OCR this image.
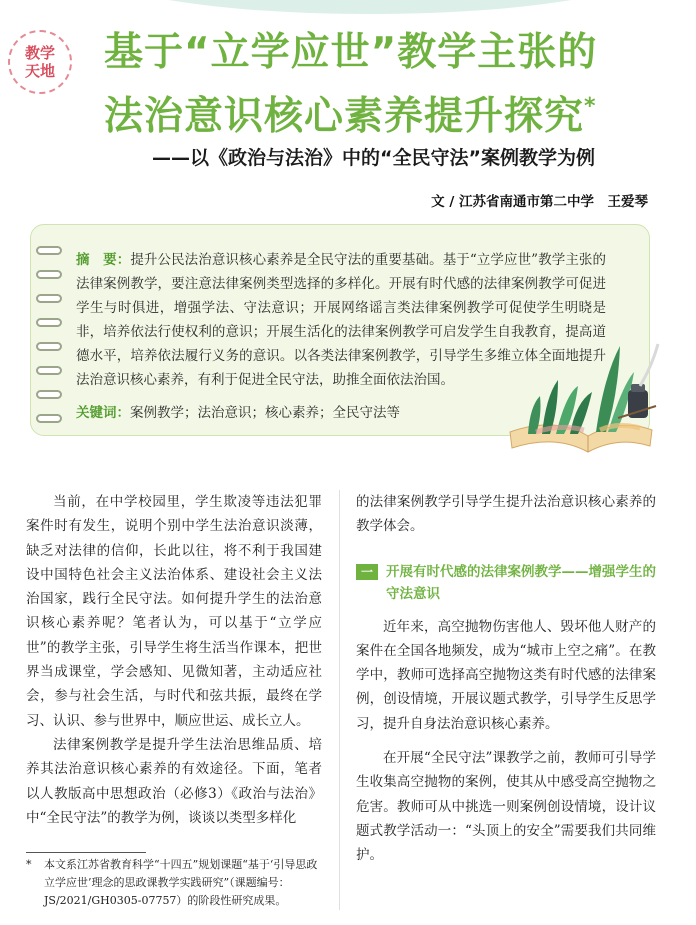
教学
天地 基于“立学应世”教学主张的
法治意识核心素养提升探究*
——以《政治与法治》中的“全民守法”案例教学为例
文 / 江苏省南通市第二中学　王爱琴
摘　要：提升公民法治意识核心素养是全民守法的重要基础。基于“立学应世”教学主张的法律案例教学，要注意法律案例类型选择的多样化。开展有时代感的法律案例教学可促进学生与时俱进，增强学法、守法意识；开展网络谣言类法律案例教学可促使学生明晓是非，培养依法行使权利的意识；开展生活化的法律案例教学可启发学生自我教育，提高道德水平，培养依法履行义务的意识。以各类法律案例教学，引导学生多维立体全面地提升法治意识核心素养，有利于促进全民守法，助推全面依法治国。
关键词：案例教学；法治意识；核心素养；全民守法等

当前，在中学校园里，学生欺凌等违法犯罪案件时有发生，说明个别中学生法治意识淡薄，缺乏对法律的信仰，长此以往，将不利于我国建设中国特色社会主义法治体系、建设社会主义法治国家，践行全民守法。如何提升学生的法治意识核心素养呢？笔者认为，可以基于“立学应世”的教学主张，引导学生将生活当作课本，把世界当成课堂，学会感知、见微知著，主动适应社会，参与社会生活，与时代和弦共振，最终在学习、认识、参与世界中，顺应世运、成长立人。

法律案例教学是提升学生法治思维品质、培养其法治意识核心素养的有效途径。下面，笔者以人教版高中思想政治（必修3）《政治与法治》中“全民守法”的教学为例，谈谈以类型多样化

的法律案例教学引导学生提升法治意识核心素养的教学体会。

一 开展有时代感的法律案例教学——增强学生的守法意识

近年来，高空抛物伤害他人、毁坏他人财产的案件在全国各地频发，成为“城市上空之痛”。在教学中，教师可选择高空抛物这类有时代感的法律案例，创设情境，开展议题式教学，引导学生反思学习，提升自身法治意识核心素养。

在开展“全民守法”课教学之前，教师可引导学生收集高空抛物的案例，使其从中感受高空抛物之危害。教师可从中挑选一则案例创设情境，设计议题式教学活动一：“头顶上的安全”需要我们共同维护。

* 本文系江苏省教育科学“十四五”规划课题“基于‘引导思政 立学应世’理念的思政课教学实践研究”（课题编号：JS/2021/GH0305-07757）的阶段性研究成果。
